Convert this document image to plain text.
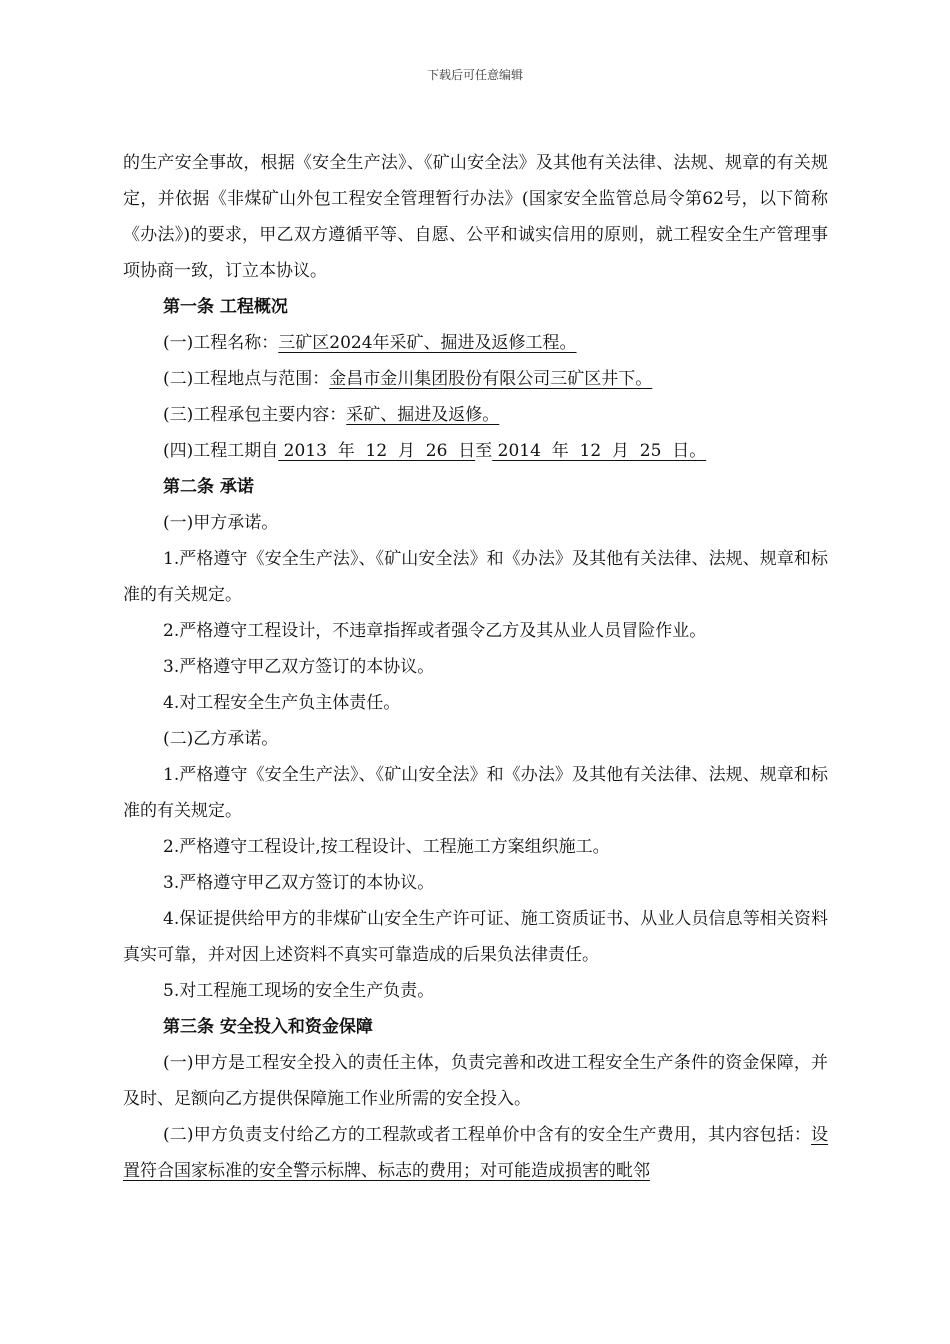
下载后可任意编辑

的生产安全事故，根据《安全生产法》、《矿山安全法》及其他有关法律、法规、规章的有关规定，并依据《非煤矿山外包工程安全管理暂行办法》(国家安全监管总局令第62号，以下简称《办法》)的要求，甲乙双方遵循平等、自愿、公平和诚实信用的原则，就工程安全生产管理事项协商一致，订立本协议。

第一条 工程概况

(一)工程名称：三矿区2024年采矿、掘进及返修工程。

(二)工程地点与范围：金昌市金川集团股份有限公司三矿区井下。

(三)工程承包主要内容：采矿、掘进及返修。

(四)工程工期自 2013  年  12  月  26  日至 2014  年  12  月  25  日。

第二条 承诺

(一)甲方承诺。

1.严格遵守《安全生产法》、《矿山安全法》和《办法》及其他有关法律、法规、规章和标准的有关规定。

2.严格遵守工程设计，不违章指挥或者强令乙方及其从业人员冒险作业。

3.严格遵守甲乙双方签订的本协议。

4.对工程安全生产负主体责任。

(二)乙方承诺。

1.严格遵守《安全生产法》、《矿山安全法》和《办法》及其他有关法律、法规、规章和标准的有关规定。

2.严格遵守工程设计,按工程设计、工程施工方案组织施工。

3.严格遵守甲乙双方签订的本协议。

4.保证提供给甲方的非煤矿山安全生产许可证、施工资质证书、从业人员信息等相关资料真实可靠，并对因上述资料不真实可靠造成的后果负法律责任。

5.对工程施工现场的安全生产负责。

第三条 安全投入和资金保障

(一)甲方是工程安全投入的责任主体，负责完善和改进工程安全生产条件的资金保障，并及时、足额向乙方提供保障施工作业所需的安全投入。

(二)甲方负责支付给乙方的工程款或者工程单价中含有的安全生产费用，其内容包括：设置符合国家标准的安全警示标牌、标志的费用；对可能造成损害的毗邻
